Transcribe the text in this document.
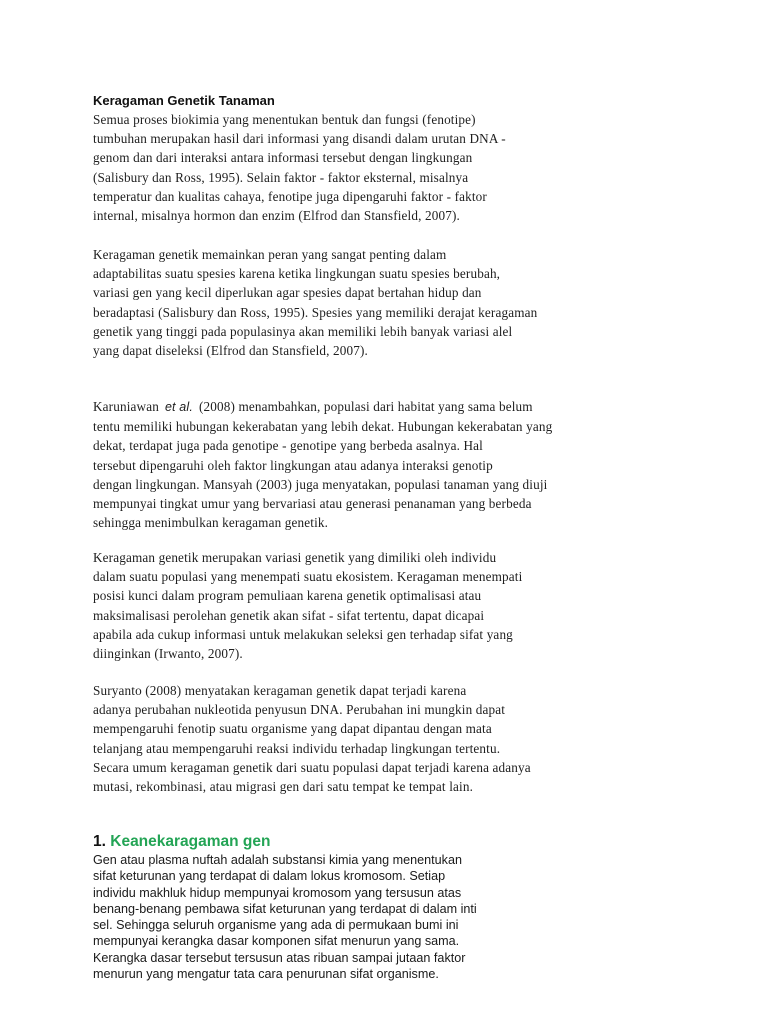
Keragaman Genetik Tanaman

Semua proses biokimia yang menentukan bentuk dan fungsi (fenotipe)
tumbuhan merupakan hasil dari informasi yang disandi dalam urutan DNA -
genom dan dari interaksi antara informasi tersebut dengan lingkungan
(Salisbury dan Ross, 1995). Selain faktor - faktor eksternal, misalnya
temperatur dan kualitas cahaya, fenotipe juga dipengaruhi faktor - faktor
internal, misalnya hormon dan enzim (Elfrod dan Stansfield, 2007).

Keragaman genetik memainkan peran yang sangat penting dalam
adaptabilitas suatu spesies karena ketika lingkungan suatu spesies berubah,
variasi gen yang kecil diperlukan agar spesies dapat bertahan hidup dan
beradaptasi (Salisbury dan Ross, 1995). Spesies yang memiliki derajat keragaman
genetik yang tinggi pada populasinya akan memiliki lebih banyak variasi alel
yang dapat diseleksi (Elfrod dan Stansfield, 2007).

Karuniawan et al. (2008) menambahkan, populasi dari habitat yang sama belum
tentu memiliki hubungan kekerabatan yang lebih dekat. Hubungan kekerabatan yang
dekat, terdapat juga pada genotipe - genotipe yang berbeda asalnya. Hal
tersebut dipengaruhi oleh faktor lingkungan atau adanya interaksi genotip
dengan lingkungan. Mansyah (2003) juga menyatakan, populasi tanaman yang diuji
mempunyai tingkat umur yang bervariasi atau generasi penanaman yang berbeda
sehingga menimbulkan keragaman genetik.

Keragaman genetik merupakan variasi genetik yang dimiliki oleh individu
dalam suatu populasi yang menempati suatu ekosistem. Keragaman menempati
posisi kunci dalam program pemuliaan karena genetik optimalisasi atau
maksimalisasi perolehan genetik akan sifat - sifat tertentu, dapat dicapai
apabila ada cukup informasi untuk melakukan seleksi gen terhadap sifat yang
diinginkan (Irwanto, 2007).

Suryanto (2008) menyatakan keragaman genetik dapat terjadi karena
adanya perubahan nukleotida penyusun DNA. Perubahan ini mungkin dapat
mempengaruhi fenotip suatu organisme yang dapat dipantau dengan mata
telanjang atau mempengaruhi reaksi individu terhadap lingkungan tertentu.
Secara umum keragaman genetik dari suatu populasi dapat terjadi karena adanya
mutasi, rekombinasi, atau migrasi gen dari satu tempat ke tempat lain.

1. Keanekaragaman gen

Gen atau plasma nuftah adalah substansi kimia yang menentukan
sifat keturunan yang terdapat di dalam lokus kromosom. Setiap
individu makhluk hidup mempunyai kromosom yang tersusun atas
benang-benang pembawa sifat keturunan yang terdapat di dalam inti
sel. Sehingga seluruh organisme yang ada di permukaan bumi ini
mempunyai kerangka dasar komponen sifat menurun yang sama.
Kerangka dasar tersebut tersusun atas ribuan sampai jutaan faktor
menurun yang mengatur tata cara penurunan sifat organisme.
